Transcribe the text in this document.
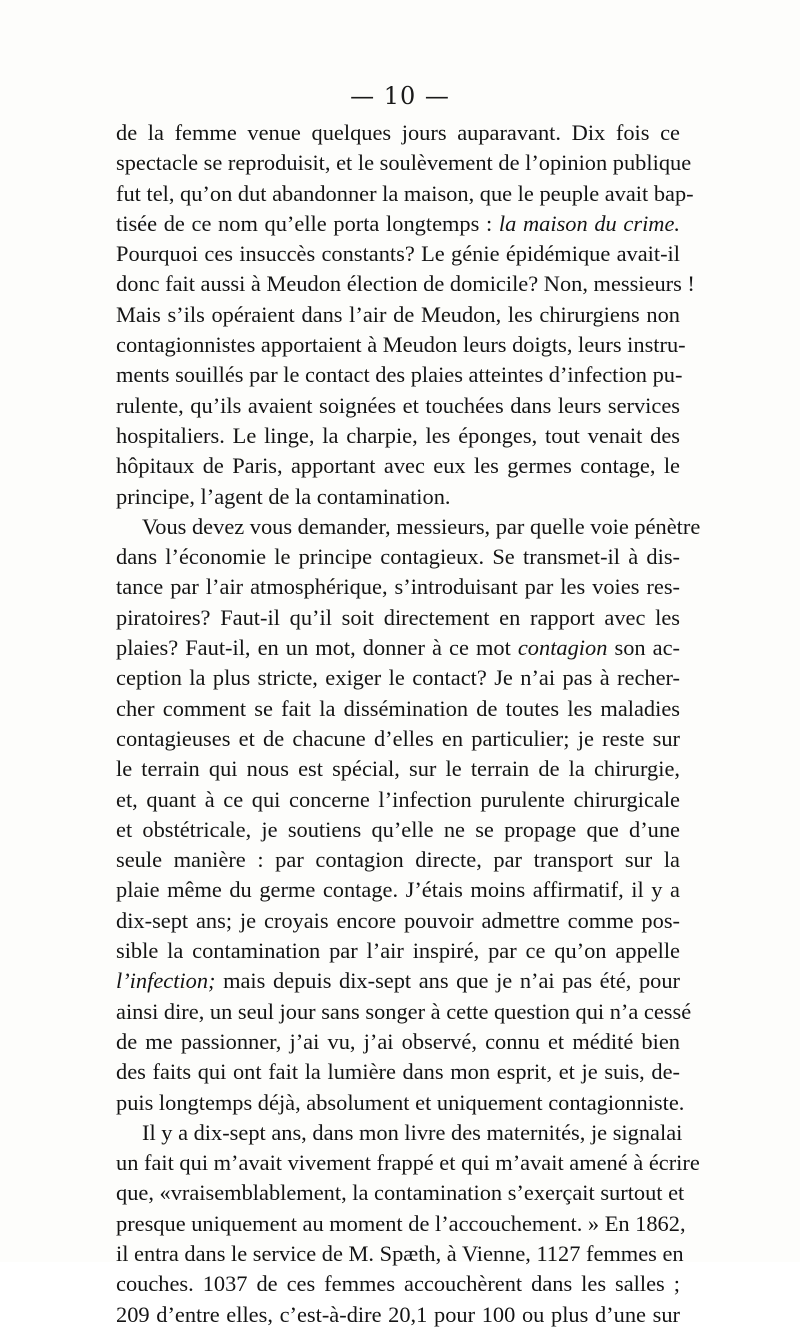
— 10 —
de la femme venue quelques jours auparavant. Dix fois ce
spectacle se reproduisit, et le soulèvement de l’opinion publique
fut tel, qu’on dut abandonner la maison, que le peuple avait bap-
tisée de ce nom qu’elle porta longtemps : la maison du crime.
Pourquoi ces insuccès constants? Le génie épidémique avait-il
donc fait aussi à Meudon élection de domicile? Non, messieurs !
Mais s’ils opéraient dans l’air de Meudon, les chirurgiens non
contagionnistes apportaient à Meudon leurs doigts, leurs instru-
ments souillés par le contact des plaies atteintes d’infection pu-
rulente, qu’ils avaient soignées et touchées dans leurs services
hospitaliers. Le linge, la charpie, les éponges, tout venait des
hôpitaux de Paris, apportant avec eux les germes contage, le
principe, l’agent de la contamination.
Vous devez vous demander, messieurs, par quelle voie pénètre
dans l’économie le principe contagieux. Se transmet-il à dis-
tance par l’air atmosphérique, s’introduisant par les voies res-
piratoires? Faut-il qu’il soit directement en rapport avec les
plaies? Faut-il, en un mot, donner à ce mot contagion son ac-
ception la plus stricte, exiger le contact? Je n’ai pas à recher-
cher comment se fait la dissémination de toutes les maladies
contagieuses et de chacune d’elles en particulier; je reste sur
le terrain qui nous est spécial, sur le terrain de la chirurgie,
et, quant à ce qui concerne l’infection purulente chirurgicale
et obstétricale, je soutiens qu’elle ne se propage que d’une
seule manière : par contagion directe, par transport sur la
plaie même du germe contage. J’étais moins affirmatif, il y a
dix-sept ans; je croyais encore pouvoir admettre comme pos-
sible la contamination par l’air inspiré, par ce qu’on appelle
l’infection; mais depuis dix-sept ans que je n’ai pas été, pour
ainsi dire, un seul jour sans songer à cette question qui n’a cessé
de me passionner, j’ai vu, j’ai observé, connu et médité bien
des faits qui ont fait la lumière dans mon esprit, et je suis, de-
puis longtemps déjà, absolument et uniquement contagionniste.
Il y a dix-sept ans, dans mon livre des maternités, je signalai
un fait qui m’avait vivement frappé et qui m’avait amené à écrire
que, «vraisemblablement, la contamination s’exerçait surtout et
presque uniquement au moment de l’accouchement. » En 1862,
il entra dans le service de M. Spæth, à Vienne, 1127 femmes en
couches. 1037 de ces femmes accouchèrent dans les salles ;
209 d’entre elles, c’est-à-dire 20,1 pour 100 ou plus d’une sur
